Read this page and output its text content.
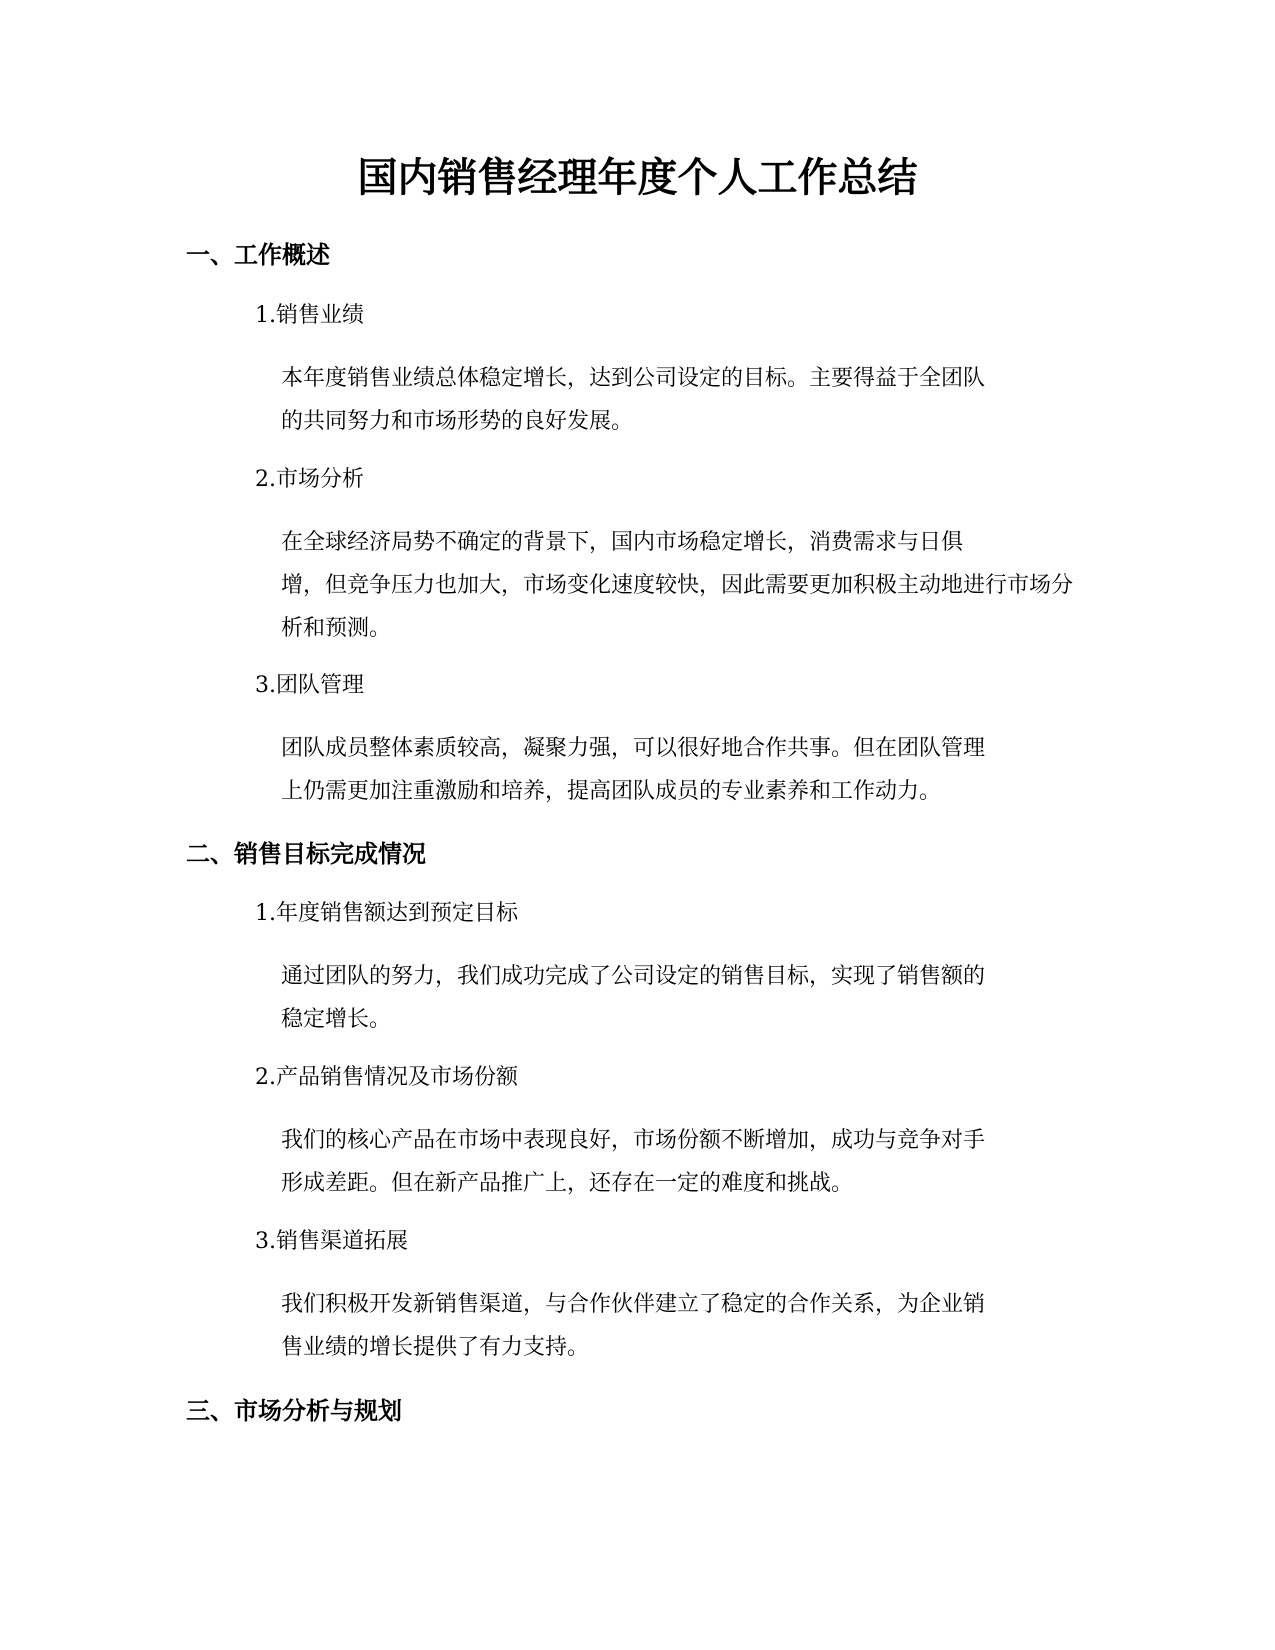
国内销售经理年度个人工作总结
一、工作概述
1.销售业绩
本年度销售业绩总体稳定增长，达到公司设定的目标。主要得益于全团队
的共同努力和市场形势的良好发展。
2.市场分析
在全球经济局势不确定的背景下，国内市场稳定增长，消费需求与日俱
增，但竞争压力也加大，市场变化速度较快，因此需要更加积极主动地进行市场分
析和预测。
3.团队管理
团队成员整体素质较高，凝聚力强，可以很好地合作共事。但在团队管理
上仍需更加注重激励和培养，提高团队成员的专业素养和工作动力。
二、销售目标完成情况
1.年度销售额达到预定目标
通过团队的努力，我们成功完成了公司设定的销售目标，实现了销售额的
稳定增长。
2.产品销售情况及市场份额
我们的核心产品在市场中表现良好，市场份额不断增加，成功与竞争对手
形成差距。但在新产品推广上，还存在一定的难度和挑战。
3.销售渠道拓展
我们积极开发新销售渠道，与合作伙伴建立了稳定的合作关系，为企业销
售业绩的增长提供了有力支持。
三、市场分析与规划
